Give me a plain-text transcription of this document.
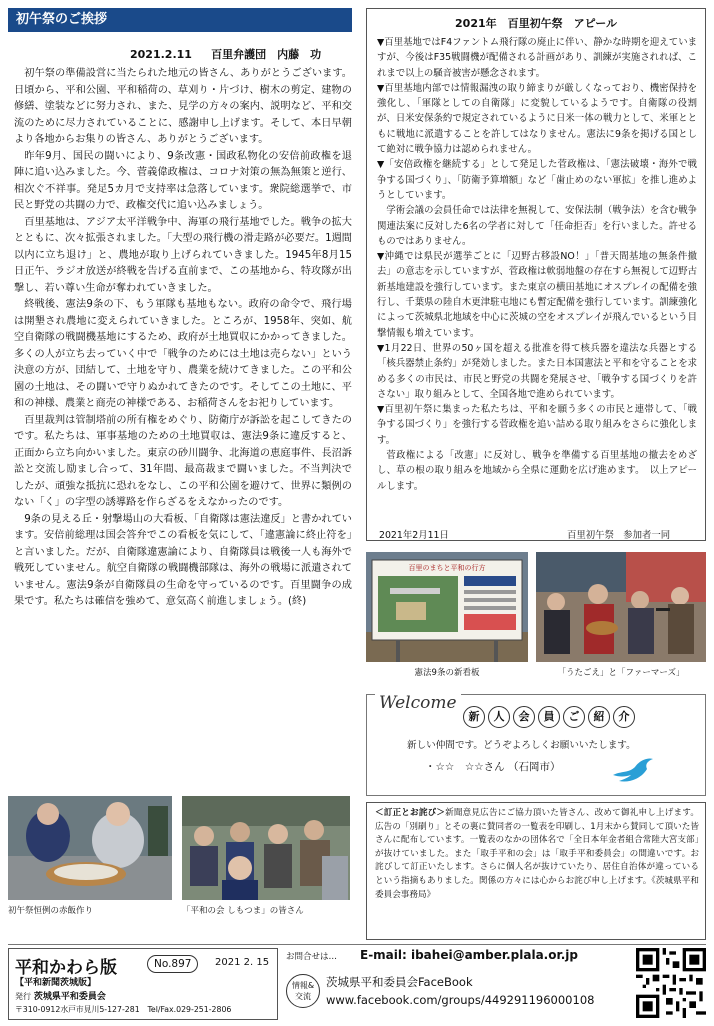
初午祭のご挨拶
2021.2.11 百里弁護団　内藤　功

初午祭の準備設営に当たられた地元の皆さん、ありがとうございます。日頃から、平和公園、平和稲荷の、草刈り・片づけ、樹木の剪定、建物の修繕、塗装などに努力され、また、見学の方々の案内、説明など、平和交流のために尽力されていることに、感謝申し上げます。そして、本日早朝より各地からお集りの皆さん、ありがとうございます。

昨年9月、国民の闘いにより、9条改憲・国政私物化の安倍前政権を退陣に追い込みました。今、菅義偉政権は、コロナ対策の無為無策と逆行、相次ぐ不祥事。発足5カ月で支持率は急落しています。衆院総選挙で、市民と野党の共闘の力で、政権交代に追い込みましょう。

百里基地は、アジア太平洋戦争中、海軍の飛行基地でした。戦争の拡大とともに、次々拡張されました。「大型の飛行機の滑走路が必要だ。1週間以内に立ち退け」と、農地が取り上げられていきました。1945年8月15日正午、ラジオ放送が終戦を告げる直前まで、この基地から、特攻隊が出撃し、若い尊い生命が奪われていきました。

終戦後、憲法9条の下、もう軍隊も基地もない。政府の命令で、飛行場は開墾され農地に変えられていきました。ところが、1958年、突如、航空自衛隊の戦闘機基地にするため、政府が土地買収にかかってきました。多くの人が立ち去っていく中で「戦争のためには土地は売らない」という決意の方が、団結して、土地を守り、農業を続けてきました。この平和公園の土地は、その闘いで守りぬかれてきたのです。そしてこの土地に、平和の神様、農業と商売の神様である、お稲荷さんをお祀りしています。

百里裁判は管制塔前の所有権をめぐり、防衛庁が訴訟を起こしてきたのです。私たちは、軍事基地のための土地買収は、憲法9条に違反すると、正面から立ち向かいました。東京の砂川闘争、北海道の恵庭事件、長沼訴訟と交流し励まし合って、31年間、最高裁まで闘いました。不当判決でしたが、頑強な抵抗に恐れをなし、この平和公園を避けて、世界に類例のない「く」の字型の誘導路を作らざるをえなかったのです。

9条の見える丘・射撃場山の大看板、「自衛隊は憲法違反」と書かれています。安倍前総理は国会答弁でこの看板を気にして、「違憲論に終止符を」と言いました。だが、自衛隊違憲論により、自衛隊員は戦後一人も海外で戦死していません。航空自衛隊の戦闘機部隊は、海外の戦場に派遣されていません。憲法9条が自衛隊員の生命を守っているのです。百里闘争の成果です。私たちは確信を強めて、意気高く前進しましょう。(終)

初午祭恒例の赤飯作り	「平和の会 しもつま」の皆さん
2021年　百里初午祭　アピール

▼百里基地ではF4ファントム飛行隊の廃止に伴い、静かな時期を迎えていますが、今後はF35戦闘機が配備される計画があり、訓練が実施されれば、これまで以上の騒音被害が懸念されます。

▼百里基地内部では情報漏洩の取り締まりが厳しくなっており、機密保持を強化し、「軍隊としての自衛隊」に変貌しているようです。自衛隊の役割が、日米安保条約で規定されているように日米一体の戦力として、米軍とともに戦地に派遣することを許してはなりません。憲法に9条を掲げる国として絶対に戦争協力は認められません。

▼「安倍政権を継続する」として発足した菅政権は、「憲法破壊・海外で戦争する国づくり」、「防衛予算増額」など「歯止めのない軍拡」を推し進めようとしています。

学術会議の会員任命では法律を無視して、安保法制（戦争法）を含む戦争関連法案に反対した6名の学者に対して「任命拒否」を行いました。許せるものではありません。

▼沖縄では県民が選挙ごとに「辺野古移設NO！」「普天間基地の無条件撤去」の意志を示していますが、菅政権は軟弱地盤の存在すら無視して辺野古新基地建設を強行しています。また東京の横田基地にオスプレイの配備を強行し、千葉県の陸自木更津駐屯地にも暫定配備を強行しています。訓練強化によって茨城県北地域を中心に茨城の空をオスプレイが飛んでいるという目撃情報も増えています。

▼1月22日、世界の50ヶ国を超える批准を得て核兵器を違法な兵器とする「核兵器禁止条約」が発効しました。また日本国憲法と平和を守ることを求める多くの市民は、市民と野党の共闘を発展させ、「戦争する国づくりを許さない」取り組みとして、全国各地で進められています。

▼百里初午祭に集まった私たちは、平和を願う多くの市民と連帯して、「戦争する国づくり」を強行する菅政権を追い詰める取り組みをさらに強化します。

菅政権による「改憲」に反対し、戦争を準備する百里基地の撤去をめざし、草の根の取り組みを地域から全県に運動を広げ進めます。　以上アピールします。

2021年2月11日	百里初午祭　参加者一同
百里のまちと平和の行方
憲法9条の新看板	「うたごえ」と「ファーマーズ」
Welcome
新 人 会 員 ご 紹 介
新しい仲間です。どうぞよろしくお願いいたします。
・☆☆　☆☆さん （石岡市）
＜訂正とお詫び＞新聞意見広告にご協力頂いた皆さん、改めて御礼申し上げます。広告の「別刷り」とその裏に賛同者の一覧表を印刷し、1月末から賛同して頂いた皆さんに配布しています。一覧表のなかの団体名で「全日本年金者組合常陸大宮支部」が抜けていました。また「取手平和の会」は「取手平和委員会」の間違いです。お詫びして訂正いたします。さらに個人名が抜けていたり、居住自治体が違っているという指摘もありました。関係の方々には心からお詫び申し上げます。《茨城県平和委員会事務局》
平和かわら版	No.897	2021 2. 15
【平和新聞茨城版】
発行 茨城県平和委員会
〒310-0912水戸市見川5-127-281　Tel/Fax.029-251-2806
お問合せは… E-mail: ibahei@amber.plala.or.jp
情報&
交流
茨城県平和委員会FaceBook
www.facebook.com/groups/449291196000108
